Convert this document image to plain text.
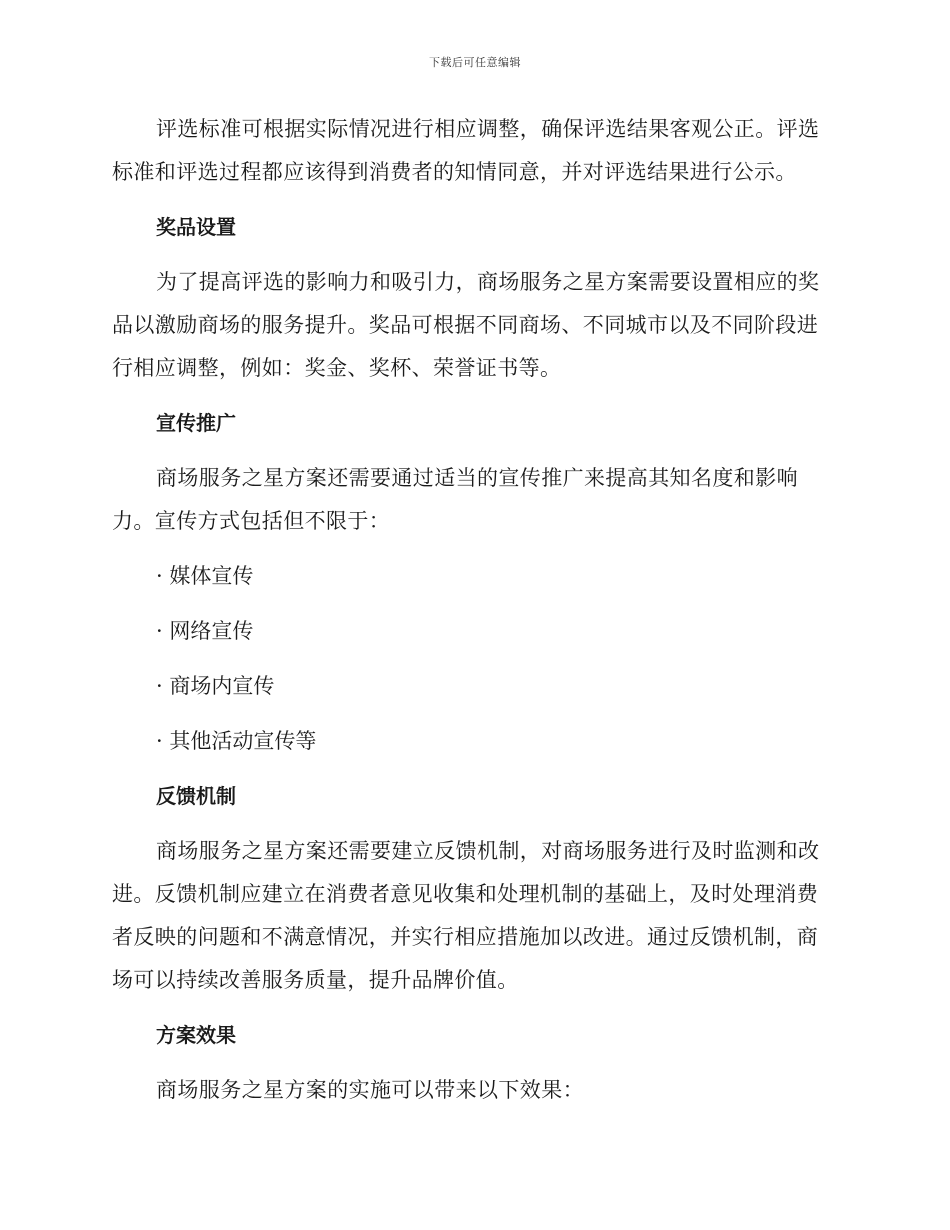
下载后可任意编辑

评选标准可根据实际情况进行相应调整，确保评选结果客观公正。评选标准和评选过程都应该得到消费者的知情同意，并对评选结果进行公示。

奖品设置

为了提高评选的影响力和吸引力，商场服务之星方案需要设置相应的奖品以激励商场的服务提升。奖品可根据不同商场、不同城市以及不同阶段进行相应调整，例如：奖金、奖杯、荣誉证书等。

宣传推广

商场服务之星方案还需要通过适当的宣传推广来提高其知名度和影响力。宣传方式包括但不限于：

· 媒体宣传

· 网络宣传

· 商场内宣传

· 其他活动宣传等

反馈机制

商场服务之星方案还需要建立反馈机制，对商场服务进行及时监测和改进。反馈机制应建立在消费者意见收集和处理机制的基础上，及时处理消费者反映的问题和不满意情况，并实行相应措施加以改进。通过反馈机制，商场可以持续改善服务质量，提升品牌价值。

方案效果

商场服务之星方案的实施可以带来以下效果：
